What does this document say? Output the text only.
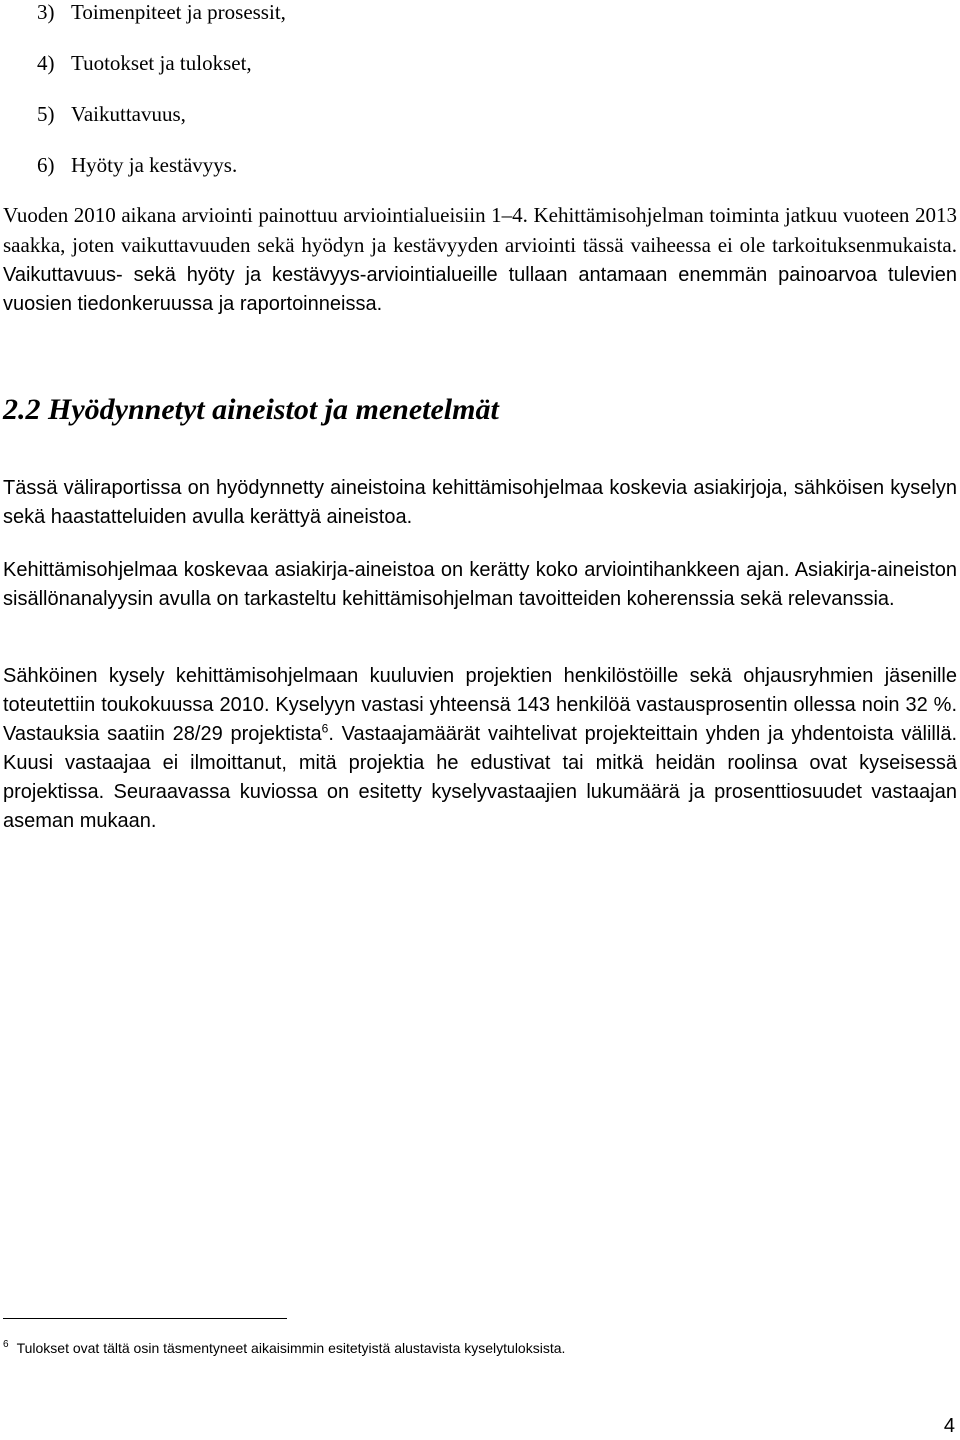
3) Toimenpiteet ja prosessit,
4) Tuotokset ja tulokset,
5) Vaikuttavuus,
6) Hyöty ja kestävyys.

Vuoden 2010 aikana arviointi painottuu arviointialueisiin 1–4. Kehittämisohjelman toiminta jatkuu vuoteen 2013 saakka, joten vaikuttavuuden sekä hyödyn ja kestävyyden arviointi tässä vaiheessa ei ole tarkoituksenmukaista. Vaikuttavuus- sekä hyöty ja kestävyys-arviointialueille tullaan antamaan enemmän painoarvoa tulevien vuosien tiedonkeruussa ja raportoinneissa.

2.2 Hyödynnetyt aineistot ja menetelmät

Tässä väliraportissa on hyödynnetty aineistoina kehittämisohjelmaa koskevia asiakirjoja, sähköisen kyselyn sekä haastatteluiden avulla kerättyä aineistoa.

Kehittämisohjelmaa koskevaa asiakirja-aineistoa on kerätty koko arviointihankkeen ajan. Asiakirja-aineiston sisällönanalyysin avulla on tarkasteltu kehittämisohjelman tavoitteiden koherenssia sekä relevanssia.

Sähköinen kysely kehittämisohjelmaan kuuluvien projektien henkilöstöille sekä ohjausryhmien jäsenille toteutettiin toukokuussa 2010. Kyselyyn vastasi yhteensä 143 henkilöä vastausprosentin ollessa noin 32 %. Vastauksia saatiin 28/29 projektista$^6$. Vastaajamäärät vaihtelivat projekteittain yhden ja yhdentoista välillä. Kuusi vastaajaa ei ilmoittanut, mitä projektia he edustivat tai mitkä heidän roolinsa ovat kyseisessä projektissa. Seuraavassa kuviossa on esitetty kyselyvastaajien lukumäärä ja prosenttiosuudet vastaajan aseman mukaan.

$^6$ Tulokset ovat tältä osin täsmentyneet aikaisimmin esitetyistä alustavista kyselytuloksista.

4
